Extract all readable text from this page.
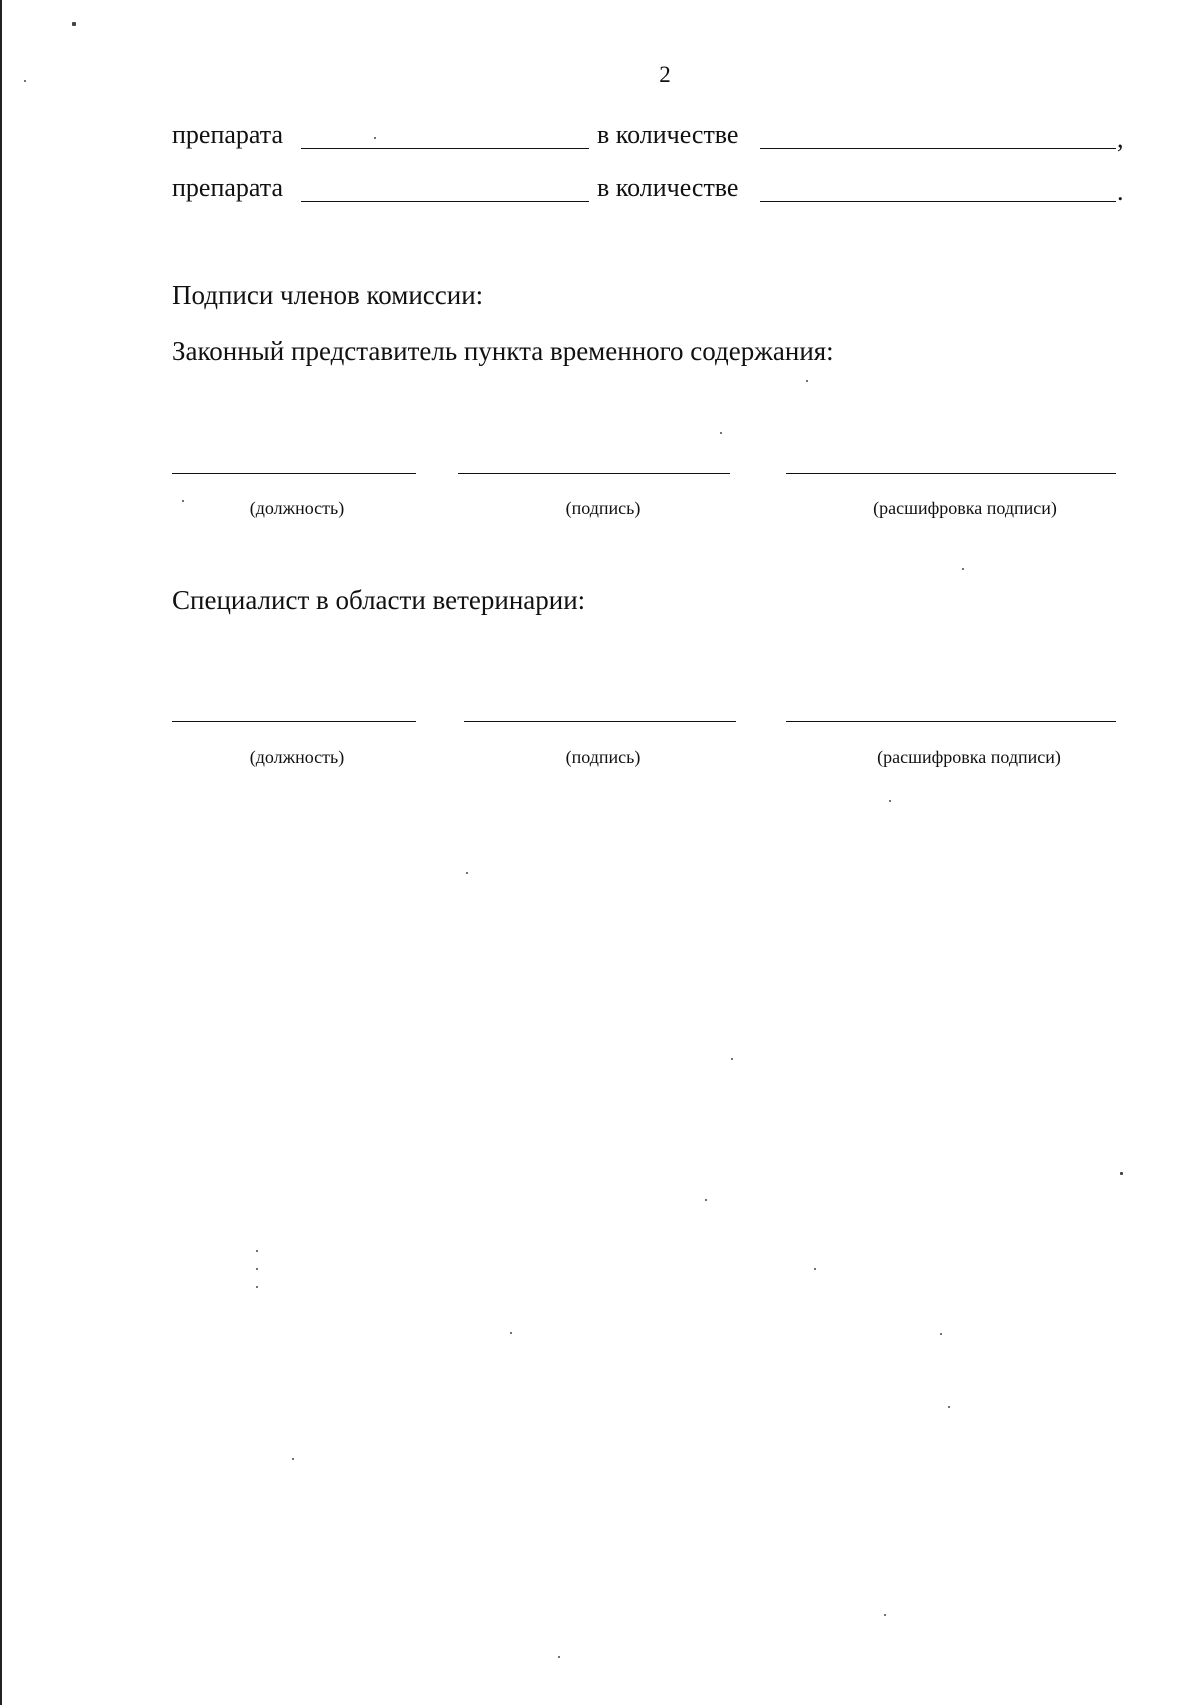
2
препарата	в количестве	,
препарата	в количестве	.
Подписи членов комиссии:
Законный представитель пункта временного содержания:
(должность)	(подпись)	(расшифровка подписи)
Специалист в области ветеринарии:
(должность)	(подпись)	(расшифровка подписи)
